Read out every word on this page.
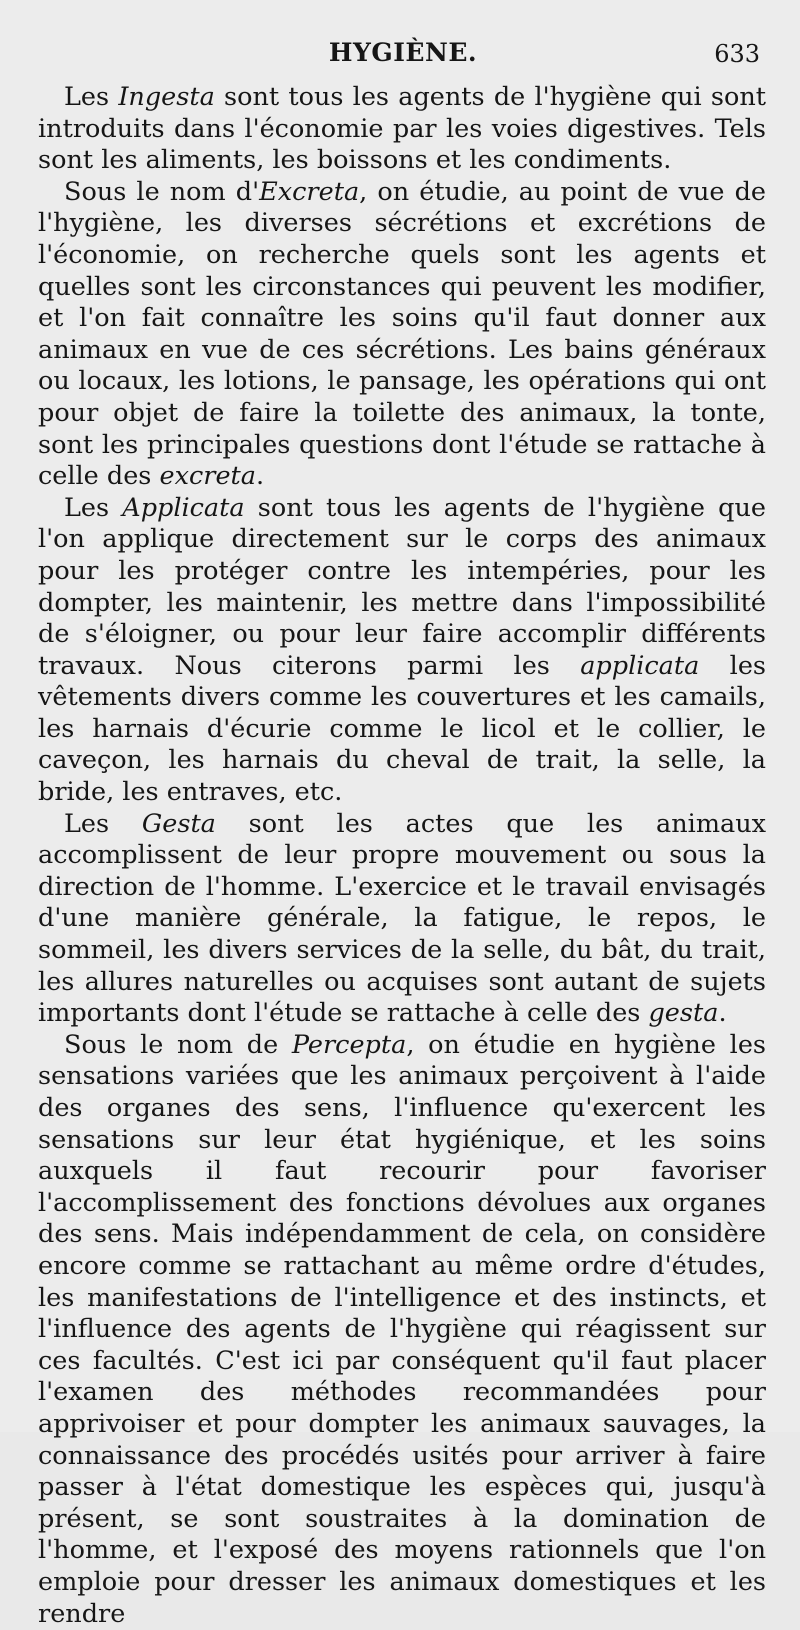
HYGIÈNE.	633

Les Ingesta sont tous les agents de l'hygiène qui sont introduits dans l'économie par les voies digestives. Tels sont les aliments, les boissons et les condiments.

Sous le nom d'Excreta, on étudie, au point de vue de l'hygiène, les diverses sécrétions et excrétions de l'économie, on recherche quels sont les agents et quelles sont les circonstances qui peuvent les modifier, et l'on fait connaître les soins qu'il faut donner aux animaux en vue de ces sécrétions. Les bains généraux ou locaux, les lotions, le pansage, les opérations qui ont pour objet de faire la toilette des animaux, la tonte, sont les principales questions dont l'étude se rattache à celle des excreta.

Les Applicata sont tous les agents de l'hygiène que l'on applique directement sur le corps des animaux pour les protéger contre les intempéries, pour les dompter, les maintenir, les mettre dans l'impossibilité de s'éloigner, ou pour leur faire accomplir différents travaux. Nous citerons parmi les applicata les vêtements divers comme les couvertures et les camails, les harnais d'écurie comme le licol et le collier, le caveçon, les harnais du cheval de trait, la selle, la bride, les entraves, etc.

Les Gesta sont les actes que les animaux accomplissent de leur propre mouvement ou sous la direction de l'homme. L'exercice et le travail envisagés d'une manière générale, la fatigue, le repos, le sommeil, les divers services de la selle, du bât, du trait, les allures naturelles ou acquises sont autant de sujets importants dont l'étude se rattache à celle des gesta.

Sous le nom de Percepta, on étudie en hygiène les sensations variées que les animaux perçoivent à l'aide des organes des sens, l'influence qu'exercent les sensations sur leur état hygiénique, et les soins auxquels il faut recourir pour favoriser l'accomplissement des fonctions dévolues aux organes des sens. Mais indépendamment de cela, on considère encore comme se rattachant au même ordre d'études, les manifestations de l'intelligence et des instincts, et l'influence des agents de l'hygiène qui réagissent sur ces facultés. C'est ici par conséquent qu'il faut placer l'examen des méthodes recommandées pour apprivoiser et pour dompter les animaux sauvages, la connaissance des procédés usités pour arriver à faire passer à l'état domestique les espèces qui, jusqu'à présent, se sont soustraites à la domination de l'homme, et l'exposé des moyens rationnels que l'on emploie pour dresser les animaux domestiques et les rendre
